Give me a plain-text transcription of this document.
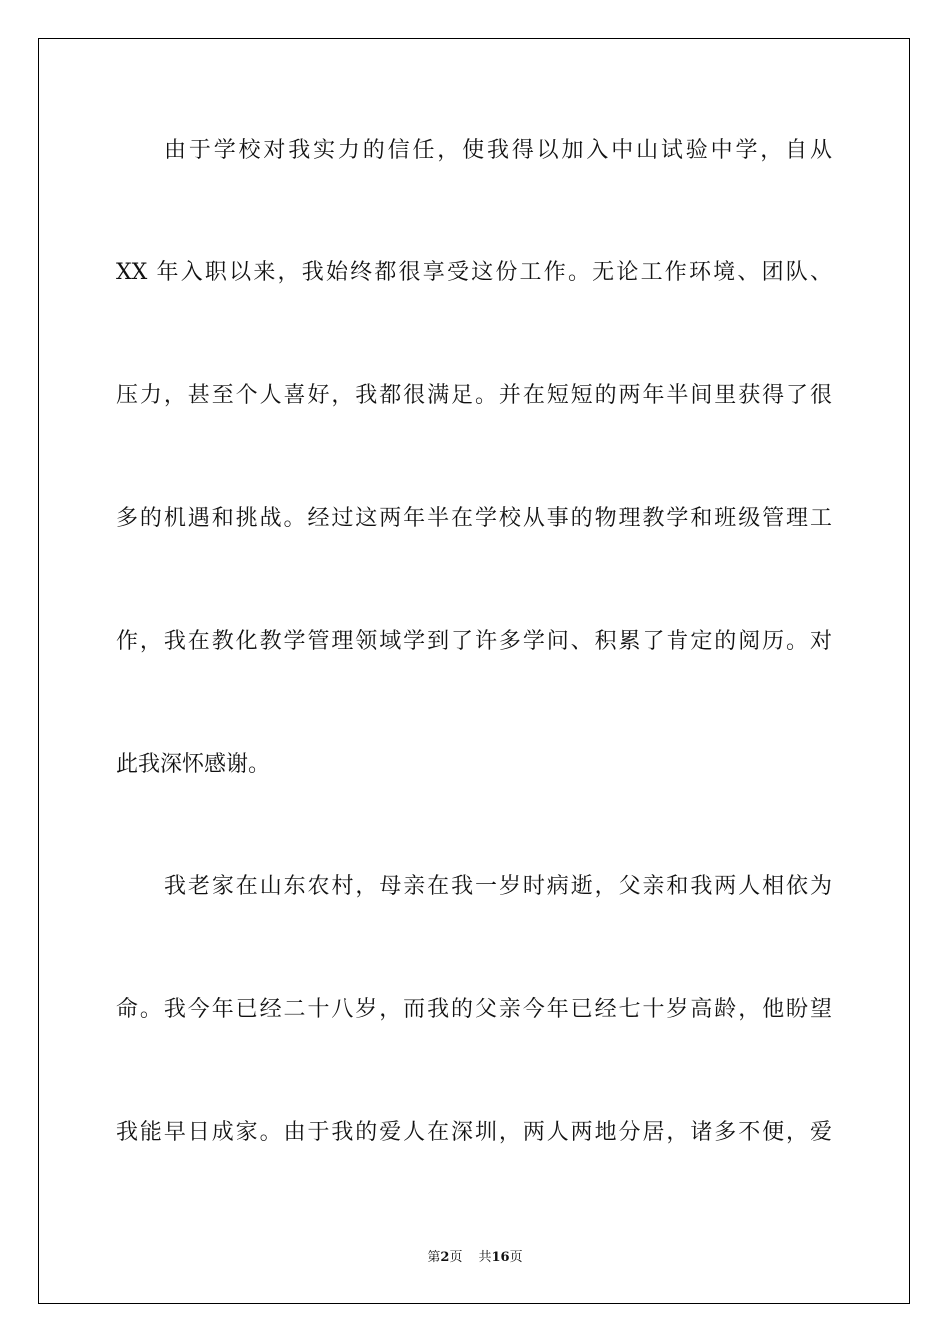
由于学校对我实力的信任，使我得以加入中山试验中学，自从
XX 年入职以来，我始终都很享受这份工作。无论工作环境、团队、
压力，甚至个人喜好，我都很满足。并在短短的两年半间里获得了很
多的机遇和挑战。经过这两年半在学校从事的物理教学和班级管理工
作，我在教化教学管理领域学到了许多学问、积累了肯定的阅历。对
此我深怀感谢。
我老家在山东农村，母亲在我一岁时病逝，父亲和我两人相依为
命。我今年已经二十八岁，而我的父亲今年已经七十岁高龄，他盼望
我能早日成家。由于我的爱人在深圳，两人两地分居，诸多不便，爱
第2页 共16页
